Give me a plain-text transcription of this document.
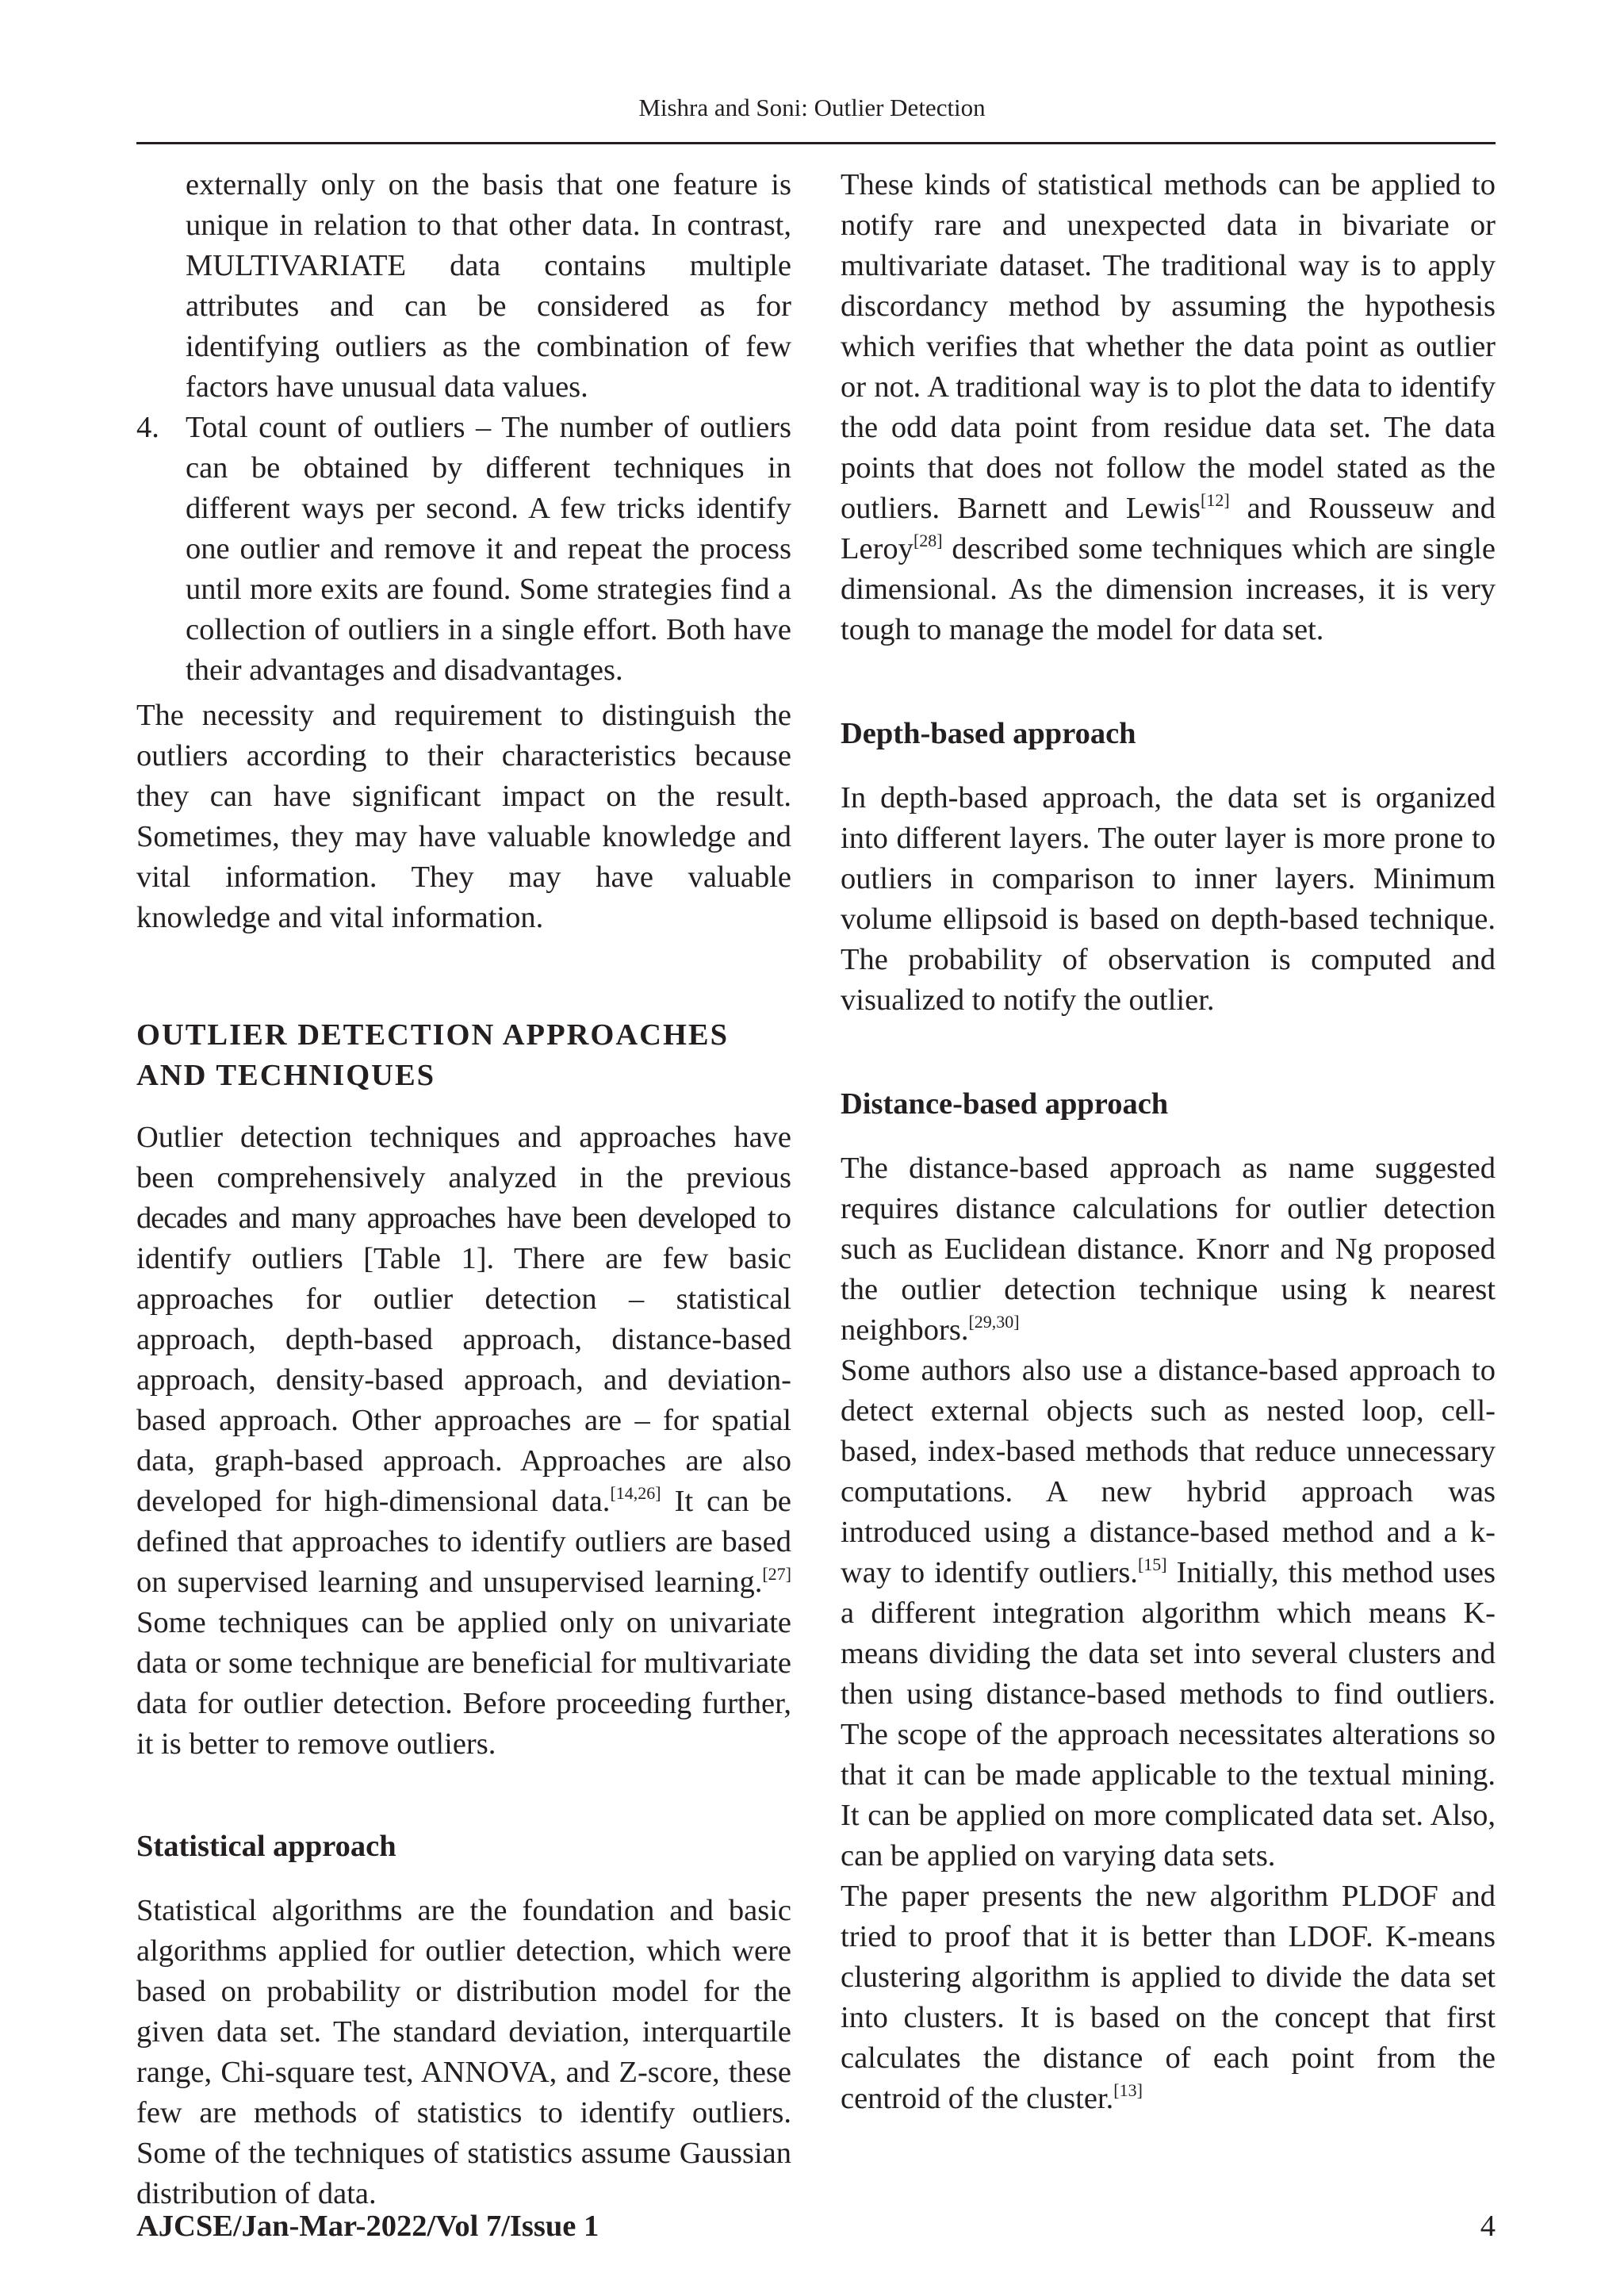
Mishra and Soni: Outlier Detection

externally only on the basis that one feature is unique in relation to that other data. In contrast, MULTIVARIATE data contains multiple attributes and can be considered as for identifying outliers as the combination of few factors have unusual data values.

4. Total count of outliers – The number of outliers can be obtained by different techniques in different ways per second. A few tricks identify one outlier and remove it and repeat the process until more exits are found. Some strategies find a collection of outliers in a single effort. Both have their advantages and disadvantages.

The necessity and requirement to distinguish the outliers according to their characteristics because they can have significant impact on the result. Sometimes, they may have valuable knowledge and vital information. They may have valuable knowledge and vital information.

OUTLIER DETECTION APPROACHES AND TECHNIQUES

Outlier detection techniques and approaches have been comprehensively analyzed in the previous decades and many approaches have been developed to identify outliers [Table 1]. There are few basic approaches for outlier detection – statistical approach, depth-based approach, distance-based approach, density-based approach, and deviation-based approach. Other approaches are – for spatial data, graph-based approach. Approaches are also developed for high-dimensional data.[14,26] It can be defined that approaches to identify outliers are based on supervised learning and unsupervised learning.[27] Some techniques can be applied only on univariate data or some technique are beneficial for multivariate data for outlier detection. Before proceeding further, it is better to remove outliers.

Statistical approach

Statistical algorithms are the foundation and basic algorithms applied for outlier detection, which were based on probability or distribution model for the given data set. The standard deviation, interquartile range, Chi-square test, ANNOVA, and Z-score, these few are methods of statistics to identify outliers. Some of the techniques of statistics assume Gaussian distribution of data.

These kinds of statistical methods can be applied to notify rare and unexpected data in bivariate or multivariate dataset. The traditional way is to apply discordancy method by assuming the hypothesis which verifies that whether the data point as outlier or not. A traditional way is to plot the data to identify the odd data point from residue data set. The data points that does not follow the model stated as the outliers. Barnett and Lewis[12] and Rousseuw and Leroy[28] described some techniques which are single dimensional. As the dimension increases, it is very tough to manage the model for data set.

Depth-based approach

In depth-based approach, the data set is organized into different layers. The outer layer is more prone to outliers in comparison to inner layers. Minimum volume ellipsoid is based on depth-based technique. The probability of observation is computed and visualized to notify the outlier.

Distance-based approach

The distance-based approach as name suggested requires distance calculations for outlier detection such as Euclidean distance. Knorr and Ng proposed the outlier detection technique using k nearest neighbors.[29,30]

Some authors also use a distance-based approach to detect external objects such as nested loop, cell-based, index-based methods that reduce unnecessary computations. A new hybrid approach was introduced using a distance-based method and a k-way to identify outliers.[15] Initially, this method uses a different integration algorithm which means K-means dividing the data set into several clusters and then using distance-based methods to find outliers. The scope of the approach necessitates alterations so that it can be made applicable to the textual mining. It can be applied on more complicated data set. Also, can be applied on varying data sets.

The paper presents the new algorithm PLDOF and tried to proof that it is better than LDOF. K-means clustering algorithm is applied to divide the data set into clusters. It is based on the concept that first calculates the distance of each point from the centroid of the cluster.[13]

AJCSE/Jan-Mar-2022/Vol 7/Issue 1	4
